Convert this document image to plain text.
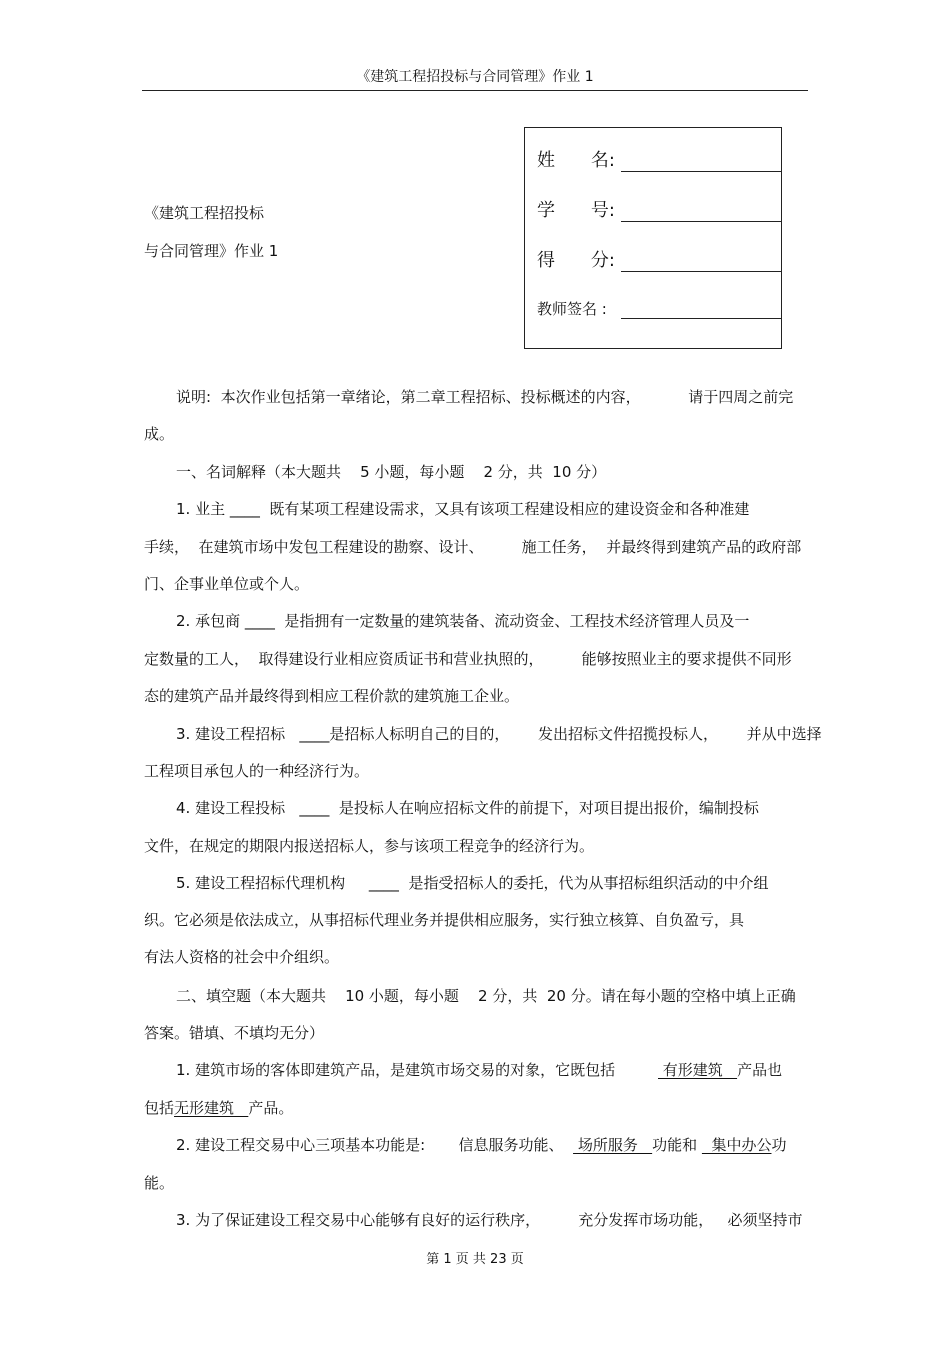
《建筑工程招投标与合同管理》作业 1
《建筑工程招投标
与合同管理》作业 1
姓 名:
学 号:
得 分:
教师签名 :
说明:  本次作业包括第一章绪论，第二章工程招标、投标概述的内容，          请于四周之前完
成。
一、名词解释（本大题共    5 小题，每小题    2 分，共  10 分）
1. 业主 ____  既有某项工程建设需求，又具有该项工程建设相应的建设资金和各种准建
手续，  在建筑市场中发包工程建设的勘察、设计、        施工任务，  并最终得到建筑产品的政府部
门、企事业单位或个人。
2. 承包商 ____  是指拥有一定数量的建筑装备、流动资金、工程技术经济管理人员及一
定数量的工人，  取得建设行业相应资质证书和营业执照的，        能够按照业主的要求提供不同形
态的建筑产品并最终得到相应工程价款的建筑施工企业。
3. 建设工程招标   ____是招标人标明自己的目的，      发出招标文件招揽投标人，      并从中选择
工程项目承包人的一种经济行为。
4. 建设工程投标   ____  是投标人在响应招标文件的前提下，对项目提出报价，编制投标
文件，在规定的期限内报送招标人，参与该项工程竞争的经济行为。
5. 建设工程招标代理机构     ____  是指受招标人的委托，代为从事招标组织活动的中介组
织。它必须是依法成立，从事招标代理业务并提供相应服务，实行独立核算、自负盈亏，具
有法人资格的社会中介组织。
二、填空题（本大题共    10 小题，每小题    2 分，共  20 分。请在每小题的空格中填上正确
答案。错填、不填均无分）
1. 建筑市场的客体即建筑产品，是建筑市场交易的对象，它既包括          有形建筑   产品也
包括无形建筑   产品。
2. 建设工程交易中心三项基本功能是:       信息服务功能、   场所服务   功能和   集中办公功
能。
3. 为了保证建设工程交易中心能够有良好的运行秩序，        充分发挥市场功能，   必须坚持市
第 1 页 共 23 页
